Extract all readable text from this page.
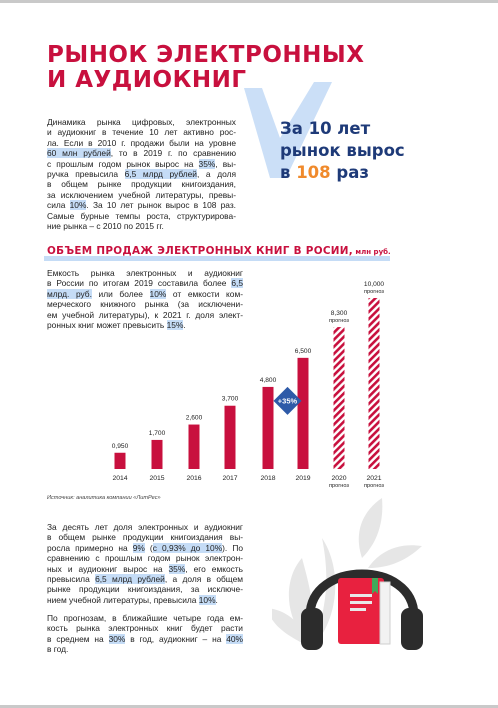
РЫНОК ЭЛЕКТРОННЫХ
И АУДИОКНИГ
Динамика рынка цифровых, электронных
и аудиокниг в течение 10 лет активно рос-
ла. Если в 2010 г. продажи были на уровне
60 млн рублей, то в 2019 г. по сравнению
с прошлым годом рынок вырос на 35%, вы-
ручка превысила 6,5 млрд рублей, а доля
в общем рынке продукции книгоиздания,
за исключением учебной литературы, превы-
сила 10%. За 10 лет рынок вырос в 108 раз.
Самые бурные темпы роста, структурирова-
ние рынка – с 2010 по 2015 гг.
За 10 лет
рынок вырос
в 108 раз
ОБЪЕМ ПРОДАЖ ЭЛЕКТРОННЫХ КНИГ В РОСИИ, млн руб.
Емкость рынка электронных и аудиокниг
в России по итогам 2019 составила более 6,5
млрд. руб. или более 10% от емкости ком-
мерческого книжного рынка (за исключени-
ем учебной литературы), к 2021 г. доля элект-
ронных книг может превысить 15%.
0,950
2014
1,700
2015
2,600
2016
3,700
2017
4,800
2018
6,500
2019
8,300
прогноз
2020
прогноз
10,000
прогноз
2021
прогноз
+35%
Источник: аналитика компании «ЛитРес»
За десять лет доля электронных и аудиокниг
в общем рынке продукции книгоиздания вы-
росла примерно на 9% (с 0,93% до 10%). По
сравнению с прошлым годом рынок электрон-
ных и аудиокниг вырос на 35%, его емкость
превысила 6,5 млрд рублей, а доля в общем
рынке продукции книгоиздания, за исключе-
нием учебной литературы, превысила 10%.
По прогнозам, в ближайшие четыре года ем-
кость рынка электронных книг будет расти
в среднем на 30% в год, аудиокниг – на 40%
в год.
